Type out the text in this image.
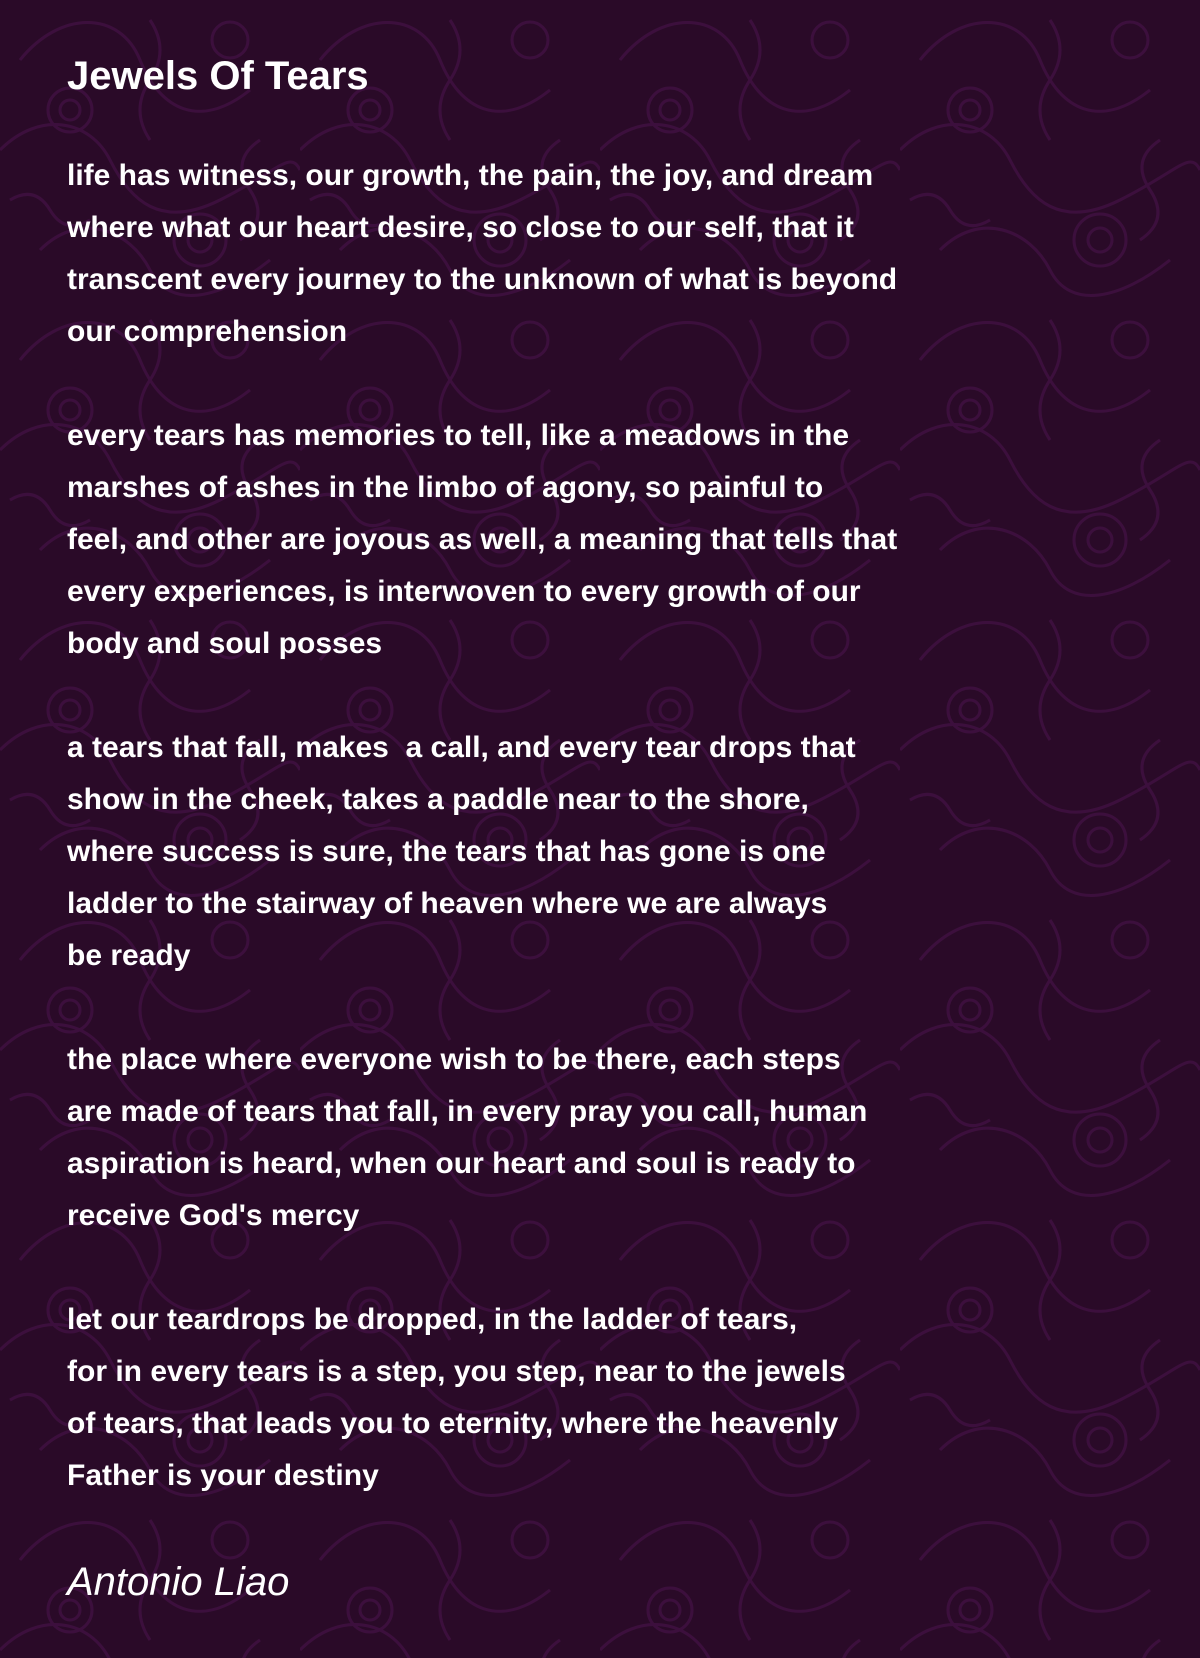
Jewels Of Tears
life has witness, our growth, the pain, the joy, and dream
where what our heart desire, so close to our self, that it
transcent every journey to the unknown of what is beyond
our comprehension
every tears has memories to tell, like a meadows in the
marshes of ashes in the limbo of agony, so painful to
feel, and other are joyous as well, a meaning that tells that
every experiences, is interwoven to every growth of our
body and soul posses
a tears that fall, makes  a call, and every tear drops that
show in the cheek, takes a paddle near to the shore,
where success is sure, the tears that has gone is one
ladder to the stairway of heaven where we are always
be ready
the place where everyone wish to be there, each steps
are made of tears that fall, in every pray you call, human
aspiration is heard, when our heart and soul is ready to
receive God's mercy
let our teardrops be dropped, in the ladder of tears,
for in every tears is a step, you step, near to the jewels
of tears, that leads you to eternity, where the heavenly
Father is your destiny

Antonio Liao
